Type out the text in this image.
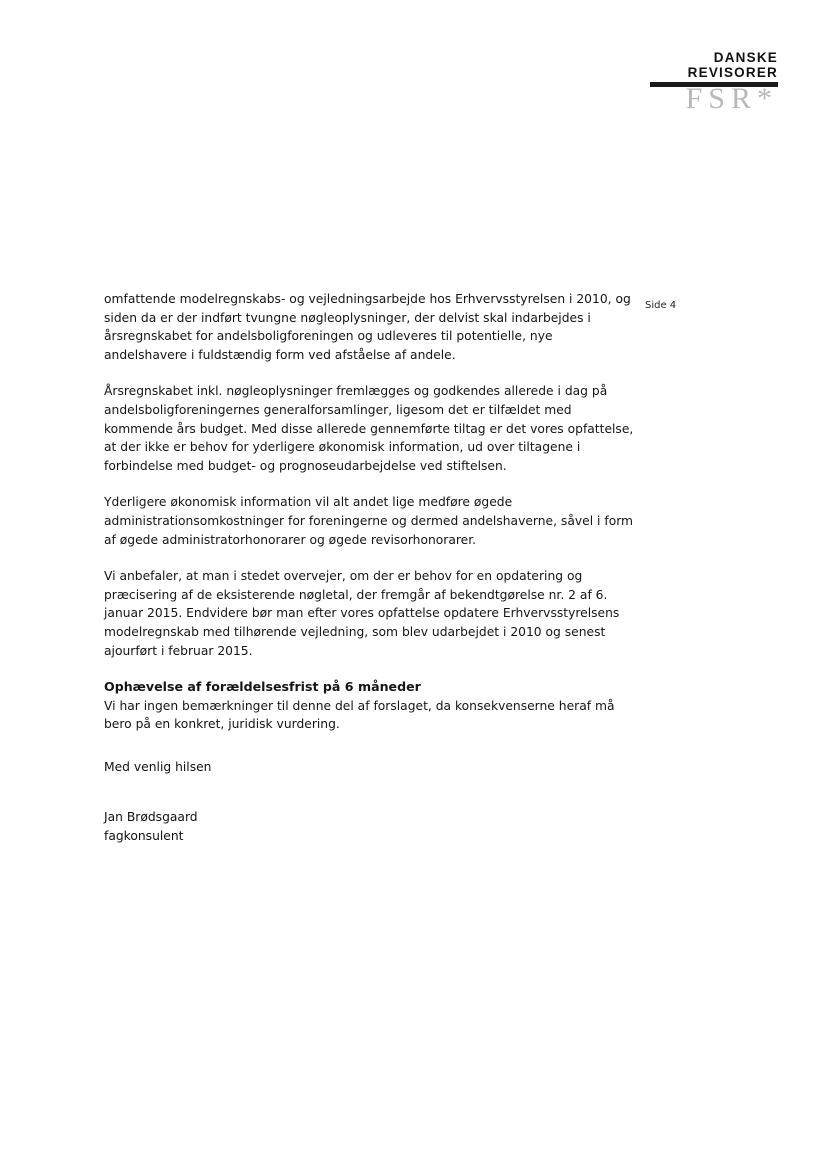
DANSKE
REVISORER
FSR*
Side 4

omfattende modelregnskabs- og vejledningsarbejde hos Erhvervsstyrelsen i 2010, og siden da er der indført tvungne nøgleoplysninger, der delvist skal indarbejdes i årsregnskabet for andelsboligforeningen og udleveres til potentielle, nye andelshavere i fuldstændig form ved afståelse af andele.

Årsregnskabet inkl. nøgleoplysninger fremlægges og godkendes allerede i dag på andelsboligforeningernes generalforsamlinger, ligesom det er tilfældet med kommende års budget. Med disse allerede gennemførte tiltag er det vores opfattelse, at der ikke er behov for yderligere økonomisk information, ud over tiltagene i forbindelse med budget- og prognoseudarbejdelse ved stiftelsen.

Yderligere økonomisk information vil alt andet lige medføre øgede administrationsomkostninger for foreningerne og dermed andelshaverne, såvel i form af øgede administratorhonorarer og øgede revisorhonorarer.

Vi anbefaler, at man i stedet overvejer, om der er behov for en opdatering og præcisering af de eksisterende nøgletal, der fremgår af bekendtgørelse nr. 2 af 6. januar 2015. Endvidere bør man efter vores opfattelse opdatere Erhvervsstyrelsens modelregnskab med tilhørende vejledning, som blev udarbejdet i 2010 og senest ajourført i februar 2015.

Ophævelse af forældelsesfrist på 6 måneder

Vi har ingen bemærkninger til denne del af forslaget, da konsekvenserne heraf må bero på en konkret, juridisk vurdering.

Med venlig hilsen
Jan Brødsgaard
fagkonsulent
